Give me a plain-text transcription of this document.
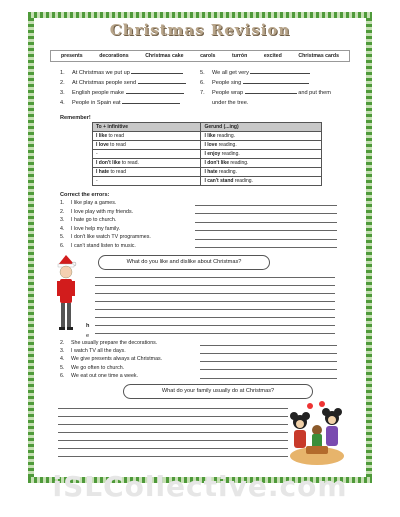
Christmas Revision
presents	decorations	Christmas cake	carols	turrón	excited	Christmas cards
1. At Christmas we put up
2. At Christmas people send
3. English people make
4. People in Spain eat
5. We all get very
6. People sing
7. People wrap	and put them
under the tree.
Remember!
To + infinitive	Gerund (...ing)
I like to read	I like reading.
I love to read	I love reading.
-	I enjoy reading.
I don't like to read.	I don't like reading.
I hate to read	I hate reading.
-	I can't stand reading.
Correct the errors:
1.	I like play a games.
2.	I love play with my friends.
3.	I hate go to church.
4.	I love help my family.
5.	I don't like watch TV programmes.
6.	I can't stand listen to music.
What do you like and dislike about Christmas?
h
e
2.	She usually prepare the decorations.
3.	I watch TV all the days.
4.	We give presents always at Christmas.
5.	We go often to church.
6.	We eat out one time a week.
What do your family usually do at Christmas?
iSLCollective.com
